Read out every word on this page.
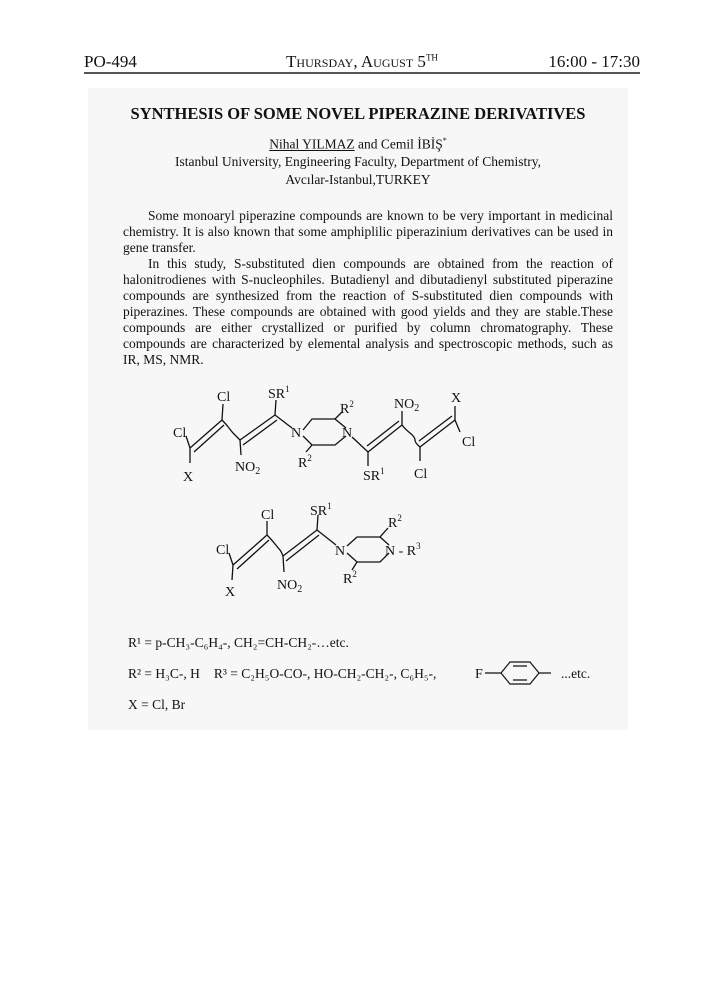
PO-494	Thursday, August 5TH	16:00 - 17:30
SYNTHESIS OF SOME NOVEL PIPERAZINE DERIVATIVES
Nihal YILMAZ and Cemil İBİŞ*
Istanbul University, Engineering Faculty, Department of Chemistry,
Avcılar-Istanbul,TURKEY
Some monoaryl piperazine compounds are known to be very important in medicinal chemistry. It is also known that some amphiplilic piperazinium derivatives can be used in gene transfer.
In this study, S-substituted dien compounds are obtained from the reaction of halonitrodienes with S-nucleophiles. Butadienyl and dibutadienyl substituted piperazine compounds are synthesized from the reaction of S-substituted dien compounds with piperazines. These compounds are obtained with good yields and they are stable.These compounds are either crystallized or purified by column chromatography. These compounds are characterized by elemental analysis and spectroscopic methods, such as IR, MS, NMR.
Cl
X
Cl
$NO_2$
$SR^1$
N	N
$R^2$
$R^2$
$SR^1$
$NO_2$
Cl
X
Cl
Cl
X
Cl
$NO_2$
$SR^1$
N	N - $R^3$
$R^2$
$R^2$
F
R¹ = p-CH₃-C₆H₄-, CH₂=CH-CH₂-…etc.
R² = H₃C-, H R³ = C₂H₅O-CO-, HO-CH₂-CH₂-, C₆H₅-,	...etc.
X = Cl, Br
